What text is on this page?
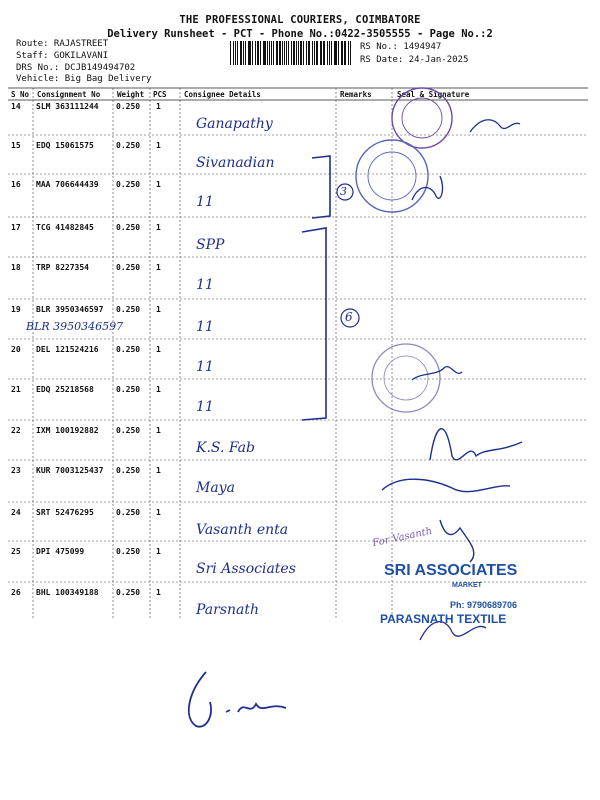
THE PROFESSIONAL COURIERS, COIMBATORE
Delivery Runsheet - PCT - Phone No.:0422-3505555 - Page No.:2
Route: RAJASTREET
Staff: GOKILAVANI
DRS No.: DCJB149494702
Vehicle: Big Bag Delivery
RS No.: 1494947
RS Date: 24-Jan-2025
S No Consignment No Weight PCS Consignee Details	Remarks	Seal & Signature
14 SLM 363111244 0.250 1
Ganapathy
15 EDQ 15061575	0.250 1
Sivanadian
16 MAA 706644439 0.250 1
11
17 TCG 41482845	0.250 1
SPP
18 TRP 8227354	0.250 1
11
19 BLR 3950346597 0.250 1
11
20 DEL 121524216 0.250 1
11
21 EDQ 25218568	0.250 1
11
22 IXM 100192882 0.250 1
K.S. Fab
23 KUR 7003125437 0.250 1
Maya
24 SRT 52476295	0.250 1
Vasanth enta
25 DPI 475099	0.250 1
Sri Associates
26 BHL 100349188 0.250 1
Parsnath
3
6
BLR 3950346597
SRI ASSOCIATES
MARKET
Ph: 9790689706
PARASNATH TEXTILE
For Vasanth
